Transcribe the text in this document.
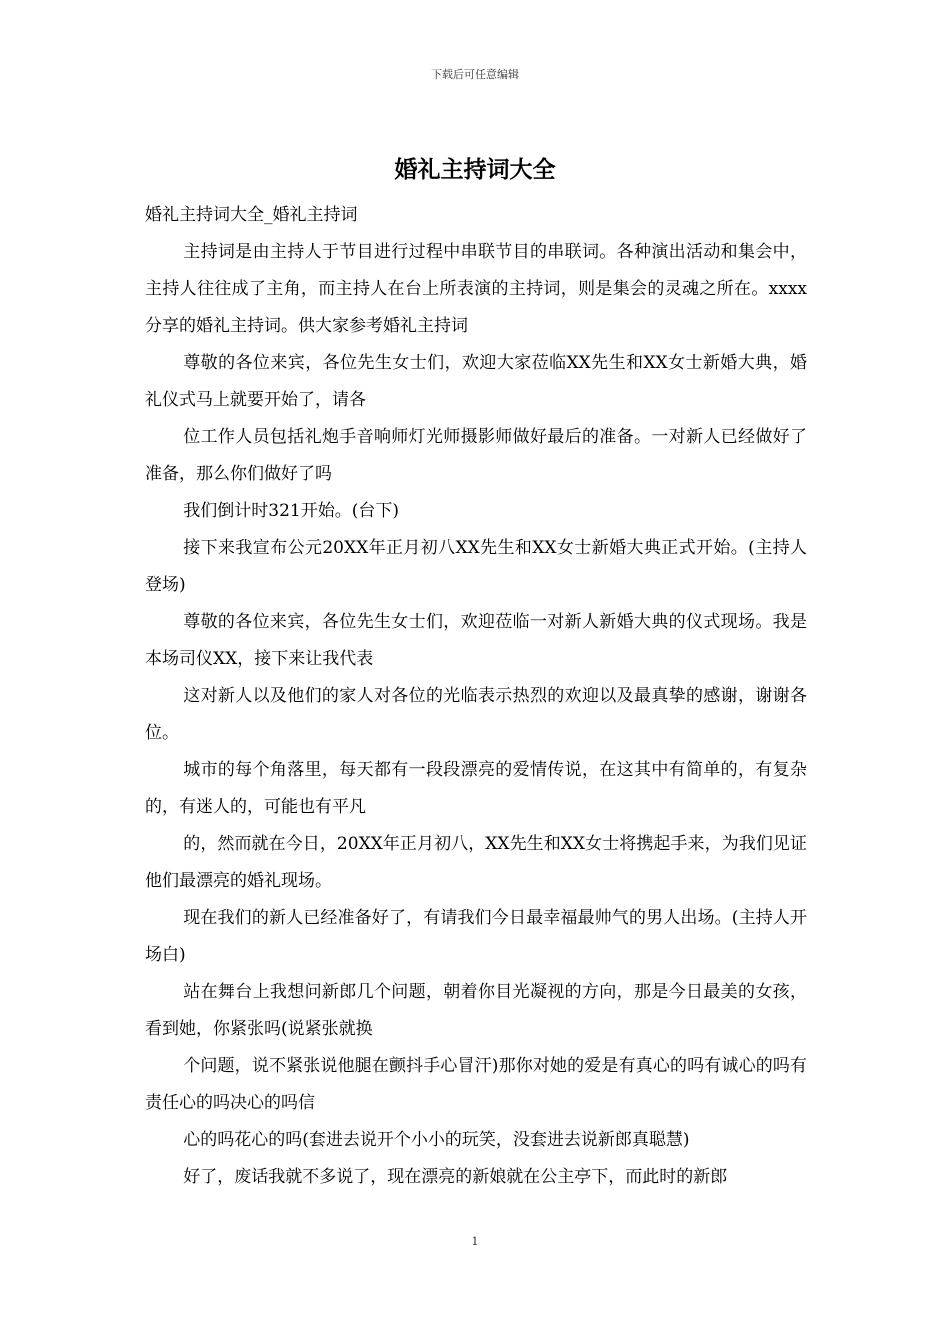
下载后可任意编辑
婚礼主持词大全

婚礼主持词大全_婚礼主持词

主持词是由主持人于节目进行过程中串联节目的串联词。各种演出活动和集会中，主持人往往成了主角，而主持人在台上所表演的主持词，则是集会的灵魂之所在。xxxx分享的婚礼主持词。供大家参考婚礼主持词

尊敬的各位来宾，各位先生女士们，欢迎大家莅临XX先生和XX女士新婚大典，婚礼仪式马上就要开始了，请各

位工作人员包括礼炮手音响师灯光师摄影师做好最后的准备。一对新人已经做好了准备，那么你们做好了吗

我们倒计时321开始。(台下)

接下来我宣布公元20XX年正月初八XX先生和XX女士新婚大典正式开始。(主持人登场)

尊敬的各位来宾，各位先生女士们，欢迎莅临一对新人新婚大典的仪式现场。我是本场司仪XX，接下来让我代表

这对新人以及他们的家人对各位的光临表示热烈的欢迎以及最真挚的感谢，谢谢各位。

城市的每个角落里，每天都有一段段漂亮的爱情传说，在这其中有简单的，有复杂的，有迷人的，可能也有平凡

的，然而就在今日，20XX年正月初八，XX先生和XX女士将携起手来，为我们见证他们最漂亮的婚礼现场。

现在我们的新人已经准备好了，有请我们今日最幸福最帅气的男人出场。(主持人开场白)

站在舞台上我想问新郎几个问题，朝着你目光凝视的方向，那是今日最美的女孩，看到她，你紧张吗(说紧张就换

个问题，说不紧张说他腿在颤抖手心冒汗)那你对她的爱是有真心的吗有诚心的吗有责任心的吗决心的吗信

心的吗花心的吗(套进去说开个小小的玩笑，没套进去说新郎真聪慧)

好了，废话我就不多说了，现在漂亮的新娘就在公主亭下，而此时的新郎

1
